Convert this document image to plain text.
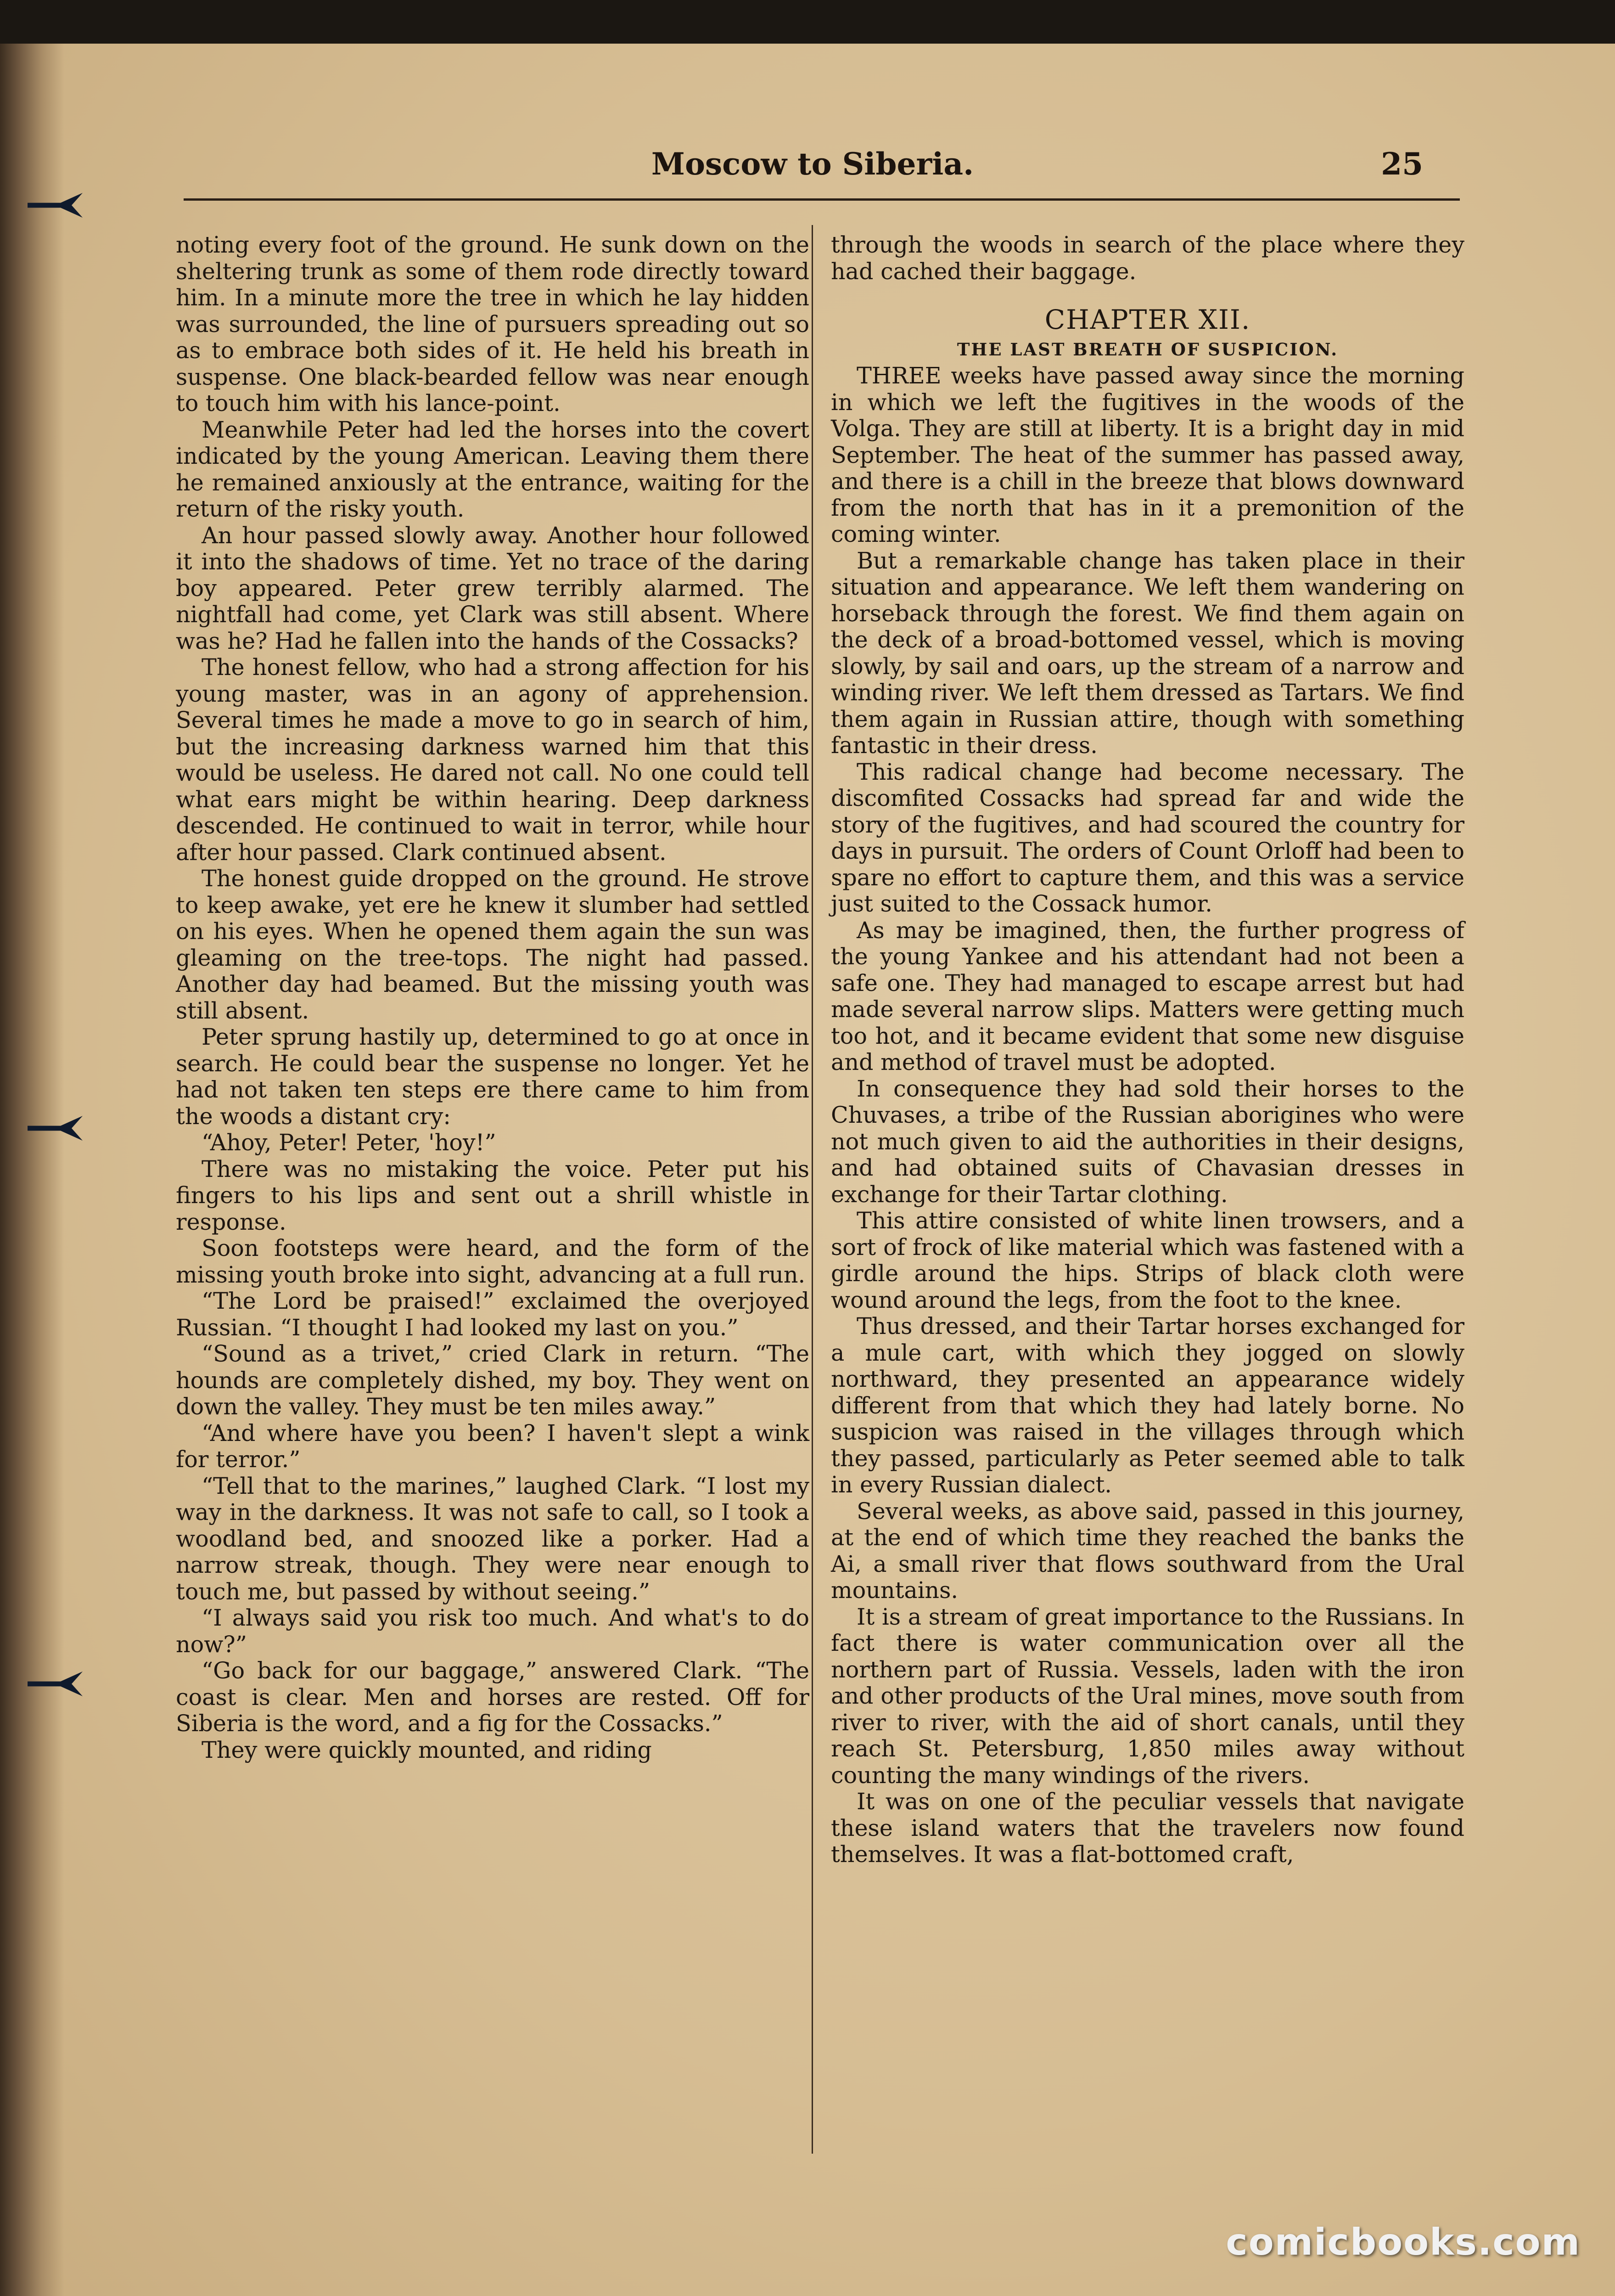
Moscow to Siberia.	25

noting every foot of the ground. He sunk down on the sheltering trunk as some of them rode directly toward him. In a minute more the tree in which he lay hidden was surrounded, the line of pursuers spreading out so as to embrace both sides of it. He held his breath in suspense. One black-bearded fellow was near enough to touch him with his lance-point.

Meanwhile Peter had led the horses into the covert indicated by the young American. Leaving them there he remained anxiously at the entrance, waiting for the return of the risky youth.

An hour passed slowly away. Another hour followed it into the shadows of time. Yet no trace of the daring boy appeared. Peter grew terribly alarmed. The nightfall had come, yet Clark was still absent. Where was he? Had he fallen into the hands of the Cossacks?

The honest fellow, who had a strong affection for his young master, was in an agony of apprehension. Several times he made a move to go in search of him, but the increasing darkness warned him that this would be useless. He dared not call. No one could tell what ears might be within hearing. Deep darkness descended. He continued to wait in terror, while hour after hour passed. Clark continued absent.

The honest guide dropped on the ground. He strove to keep awake, yet ere he knew it slumber had settled on his eyes. When he opened them again the sun was gleaming on the tree-tops. The night had passed. Another day had beamed. But the missing youth was still absent.

Peter sprung hastily up, determined to go at once in search. He could bear the suspense no longer. Yet he had not taken ten steps ere there came to him from the woods a distant cry:

“Ahoy, Peter! Peter, 'hoy!”

There was no mistaking the voice. Peter put his fingers to his lips and sent out a shrill whistle in response.

Soon footsteps were heard, and the form of the missing youth broke into sight, advancing at a full run.

“The Lord be praised!” exclaimed the overjoyed Russian. “I thought I had looked my last on you.”

“Sound as a trivet,” cried Clark in return. “The hounds are completely dished, my boy. They went on down the valley. They must be ten miles away.”

“And where have you been? I haven't slept a wink for terror.”

“Tell that to the marines,” laughed Clark. “I lost my way in the darkness. It was not safe to call, so I took a woodland bed, and snoozed like a porker. Had a narrow streak, though. They were near enough to touch me, but passed by without seeing.”

“I always said you risk too much. And what's to do now?”

“Go back for our baggage,” answered Clark. “The coast is clear. Men and horses are rested. Off for Siberia is the word, and a fig for the Cossacks.”

They were quickly mounted, and riding

through the woods in search of the place where they had cached their baggage.

CHAPTER XII.
THE LAST BREATH OF SUSPICION.

THREE weeks have passed away since the morning in which we left the fugitives in the woods of the Volga. They are still at liberty. It is a bright day in mid September. The heat of the summer has passed away, and there is a chill in the breeze that blows downward from the north that has in it a premonition of the coming winter.

But a remarkable change has taken place in their situation and appearance. We left them wandering on horseback through the forest. We find them again on the deck of a broad-bottomed vessel, which is moving slowly, by sail and oars, up the stream of a narrow and winding river. We left them dressed as Tartars. We find them again in Russian attire, though with something fantastic in their dress.

This radical change had become necessary. The discomfited Cossacks had spread far and wide the story of the fugitives, and had scoured the country for days in pursuit. The orders of Count Orloff had been to spare no effort to capture them, and this was a service just suited to the Cossack humor.

As may be imagined, then, the further progress of the young Yankee and his attendant had not been a safe one. They had managed to escape arrest but had made several narrow slips. Matters were getting much too hot, and it became evident that some new disguise and method of travel must be adopted.

In consequence they had sold their horses to the Chuvases, a tribe of the Russian aborigines who were not much given to aid the authorities in their designs, and had obtained suits of Chavasian dresses in exchange for their Tartar clothing.

This attire consisted of white linen trowsers, and a sort of frock of like material which was fastened with a girdle around the hips. Strips of black cloth were wound around the legs, from the foot to the knee.

Thus dressed, and their Tartar horses exchanged for a mule cart, with which they jogged on slowly northward, they presented an appearance widely different from that which they had lately borne. No suspicion was raised in the villages through which they passed, particularly as Peter seemed able to talk in every Russian dialect.

Several weeks, as above said, passed in this journey, at the end of which time they reached the banks the Ai, a small river that flows southward from the Ural mountains.

It is a stream of great importance to the Russians. In fact there is water communication over all the northern part of Russia. Vessels, laden with the iron and other products of the Ural mines, move south from river to river, with the aid of short canals, until they reach St. Petersburg, 1,850 miles away without counting the many windings of the rivers.

It was on one of the peculiar vessels that navigate these island waters that the travelers now found themselves. It was a flat-bottomed craft,

comicbooks.com
